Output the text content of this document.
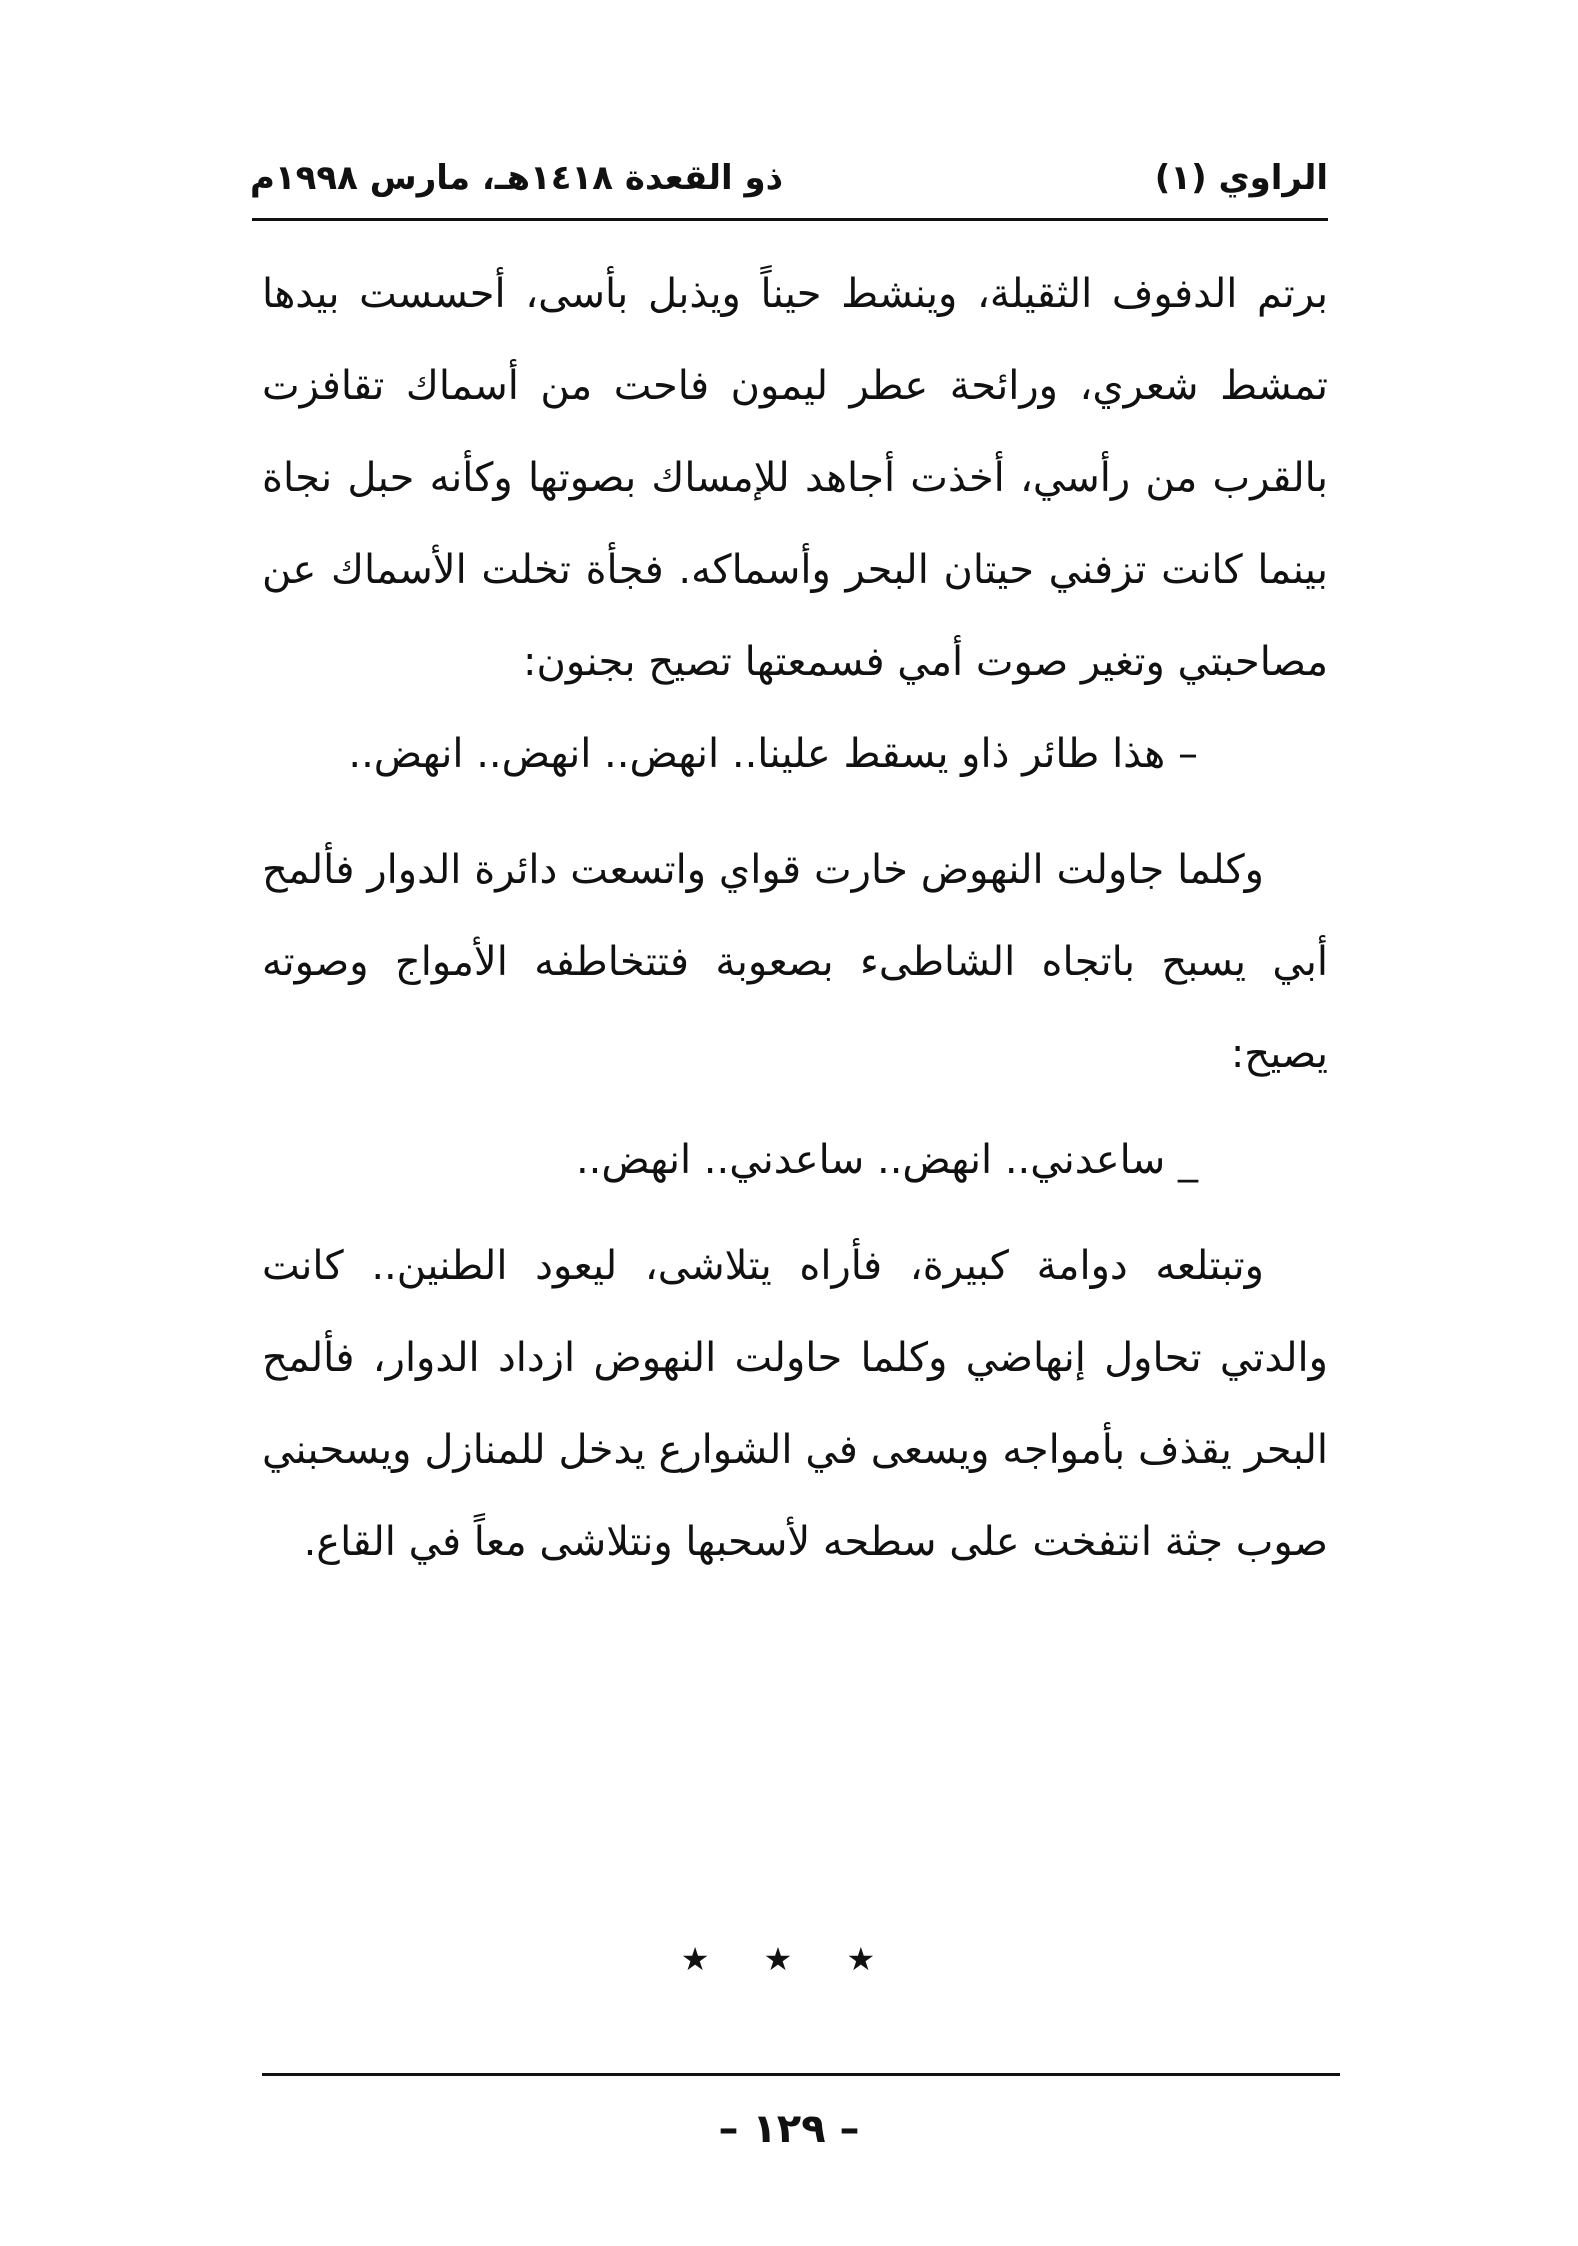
الراوي (١)
ذو القعدة ١٤١٨هـ، مارس ١٩٩٨م

برتم الدفوف الثقيلة، وينشط حيناً ويذبل بأسى، أحسست بيدها تمشط شعري، ورائحة عطر ليمون فاحت من أسماك تقافزت بالقرب من رأسي، أخذت أجاهد للإمساك بصوتها وكأنه حبل نجاة بينما كانت تزفني حيتان البحر وأسماكه. فجأة تخلت الأسماك عن مصاحبتي وتغير صوت أمي فسمعتها تصيح بجنون:

– هذا طائر ذاو يسقط علينا.. انهض.. انهض.. انهض..

وكلما جاولت النهوض خارت قواي واتسعت دائرة الدوار فألمح أبي يسبح باتجاه الشاطىء بصعوبة فتتخاطفه الأمواج وصوته يصيح:

_ ساعدني.. انهض.. ساعدني.. انهض..

وتبتلعه دوامة كبيرة، فأراه يتلاشى، ليعود الطنين.. كانت والدتي تحاول إنهاضي وكلما حاولت النهوض ازداد الدوار، فألمح البحر يقذف بأمواجه ويسعى في الشوارع يدخل للمنازل ويسحبني صوب جثة انتفخت على سطحه لأسحبها ونتلاشى معاً في القاع.

★ ★ ★
– ١٢٩ –
